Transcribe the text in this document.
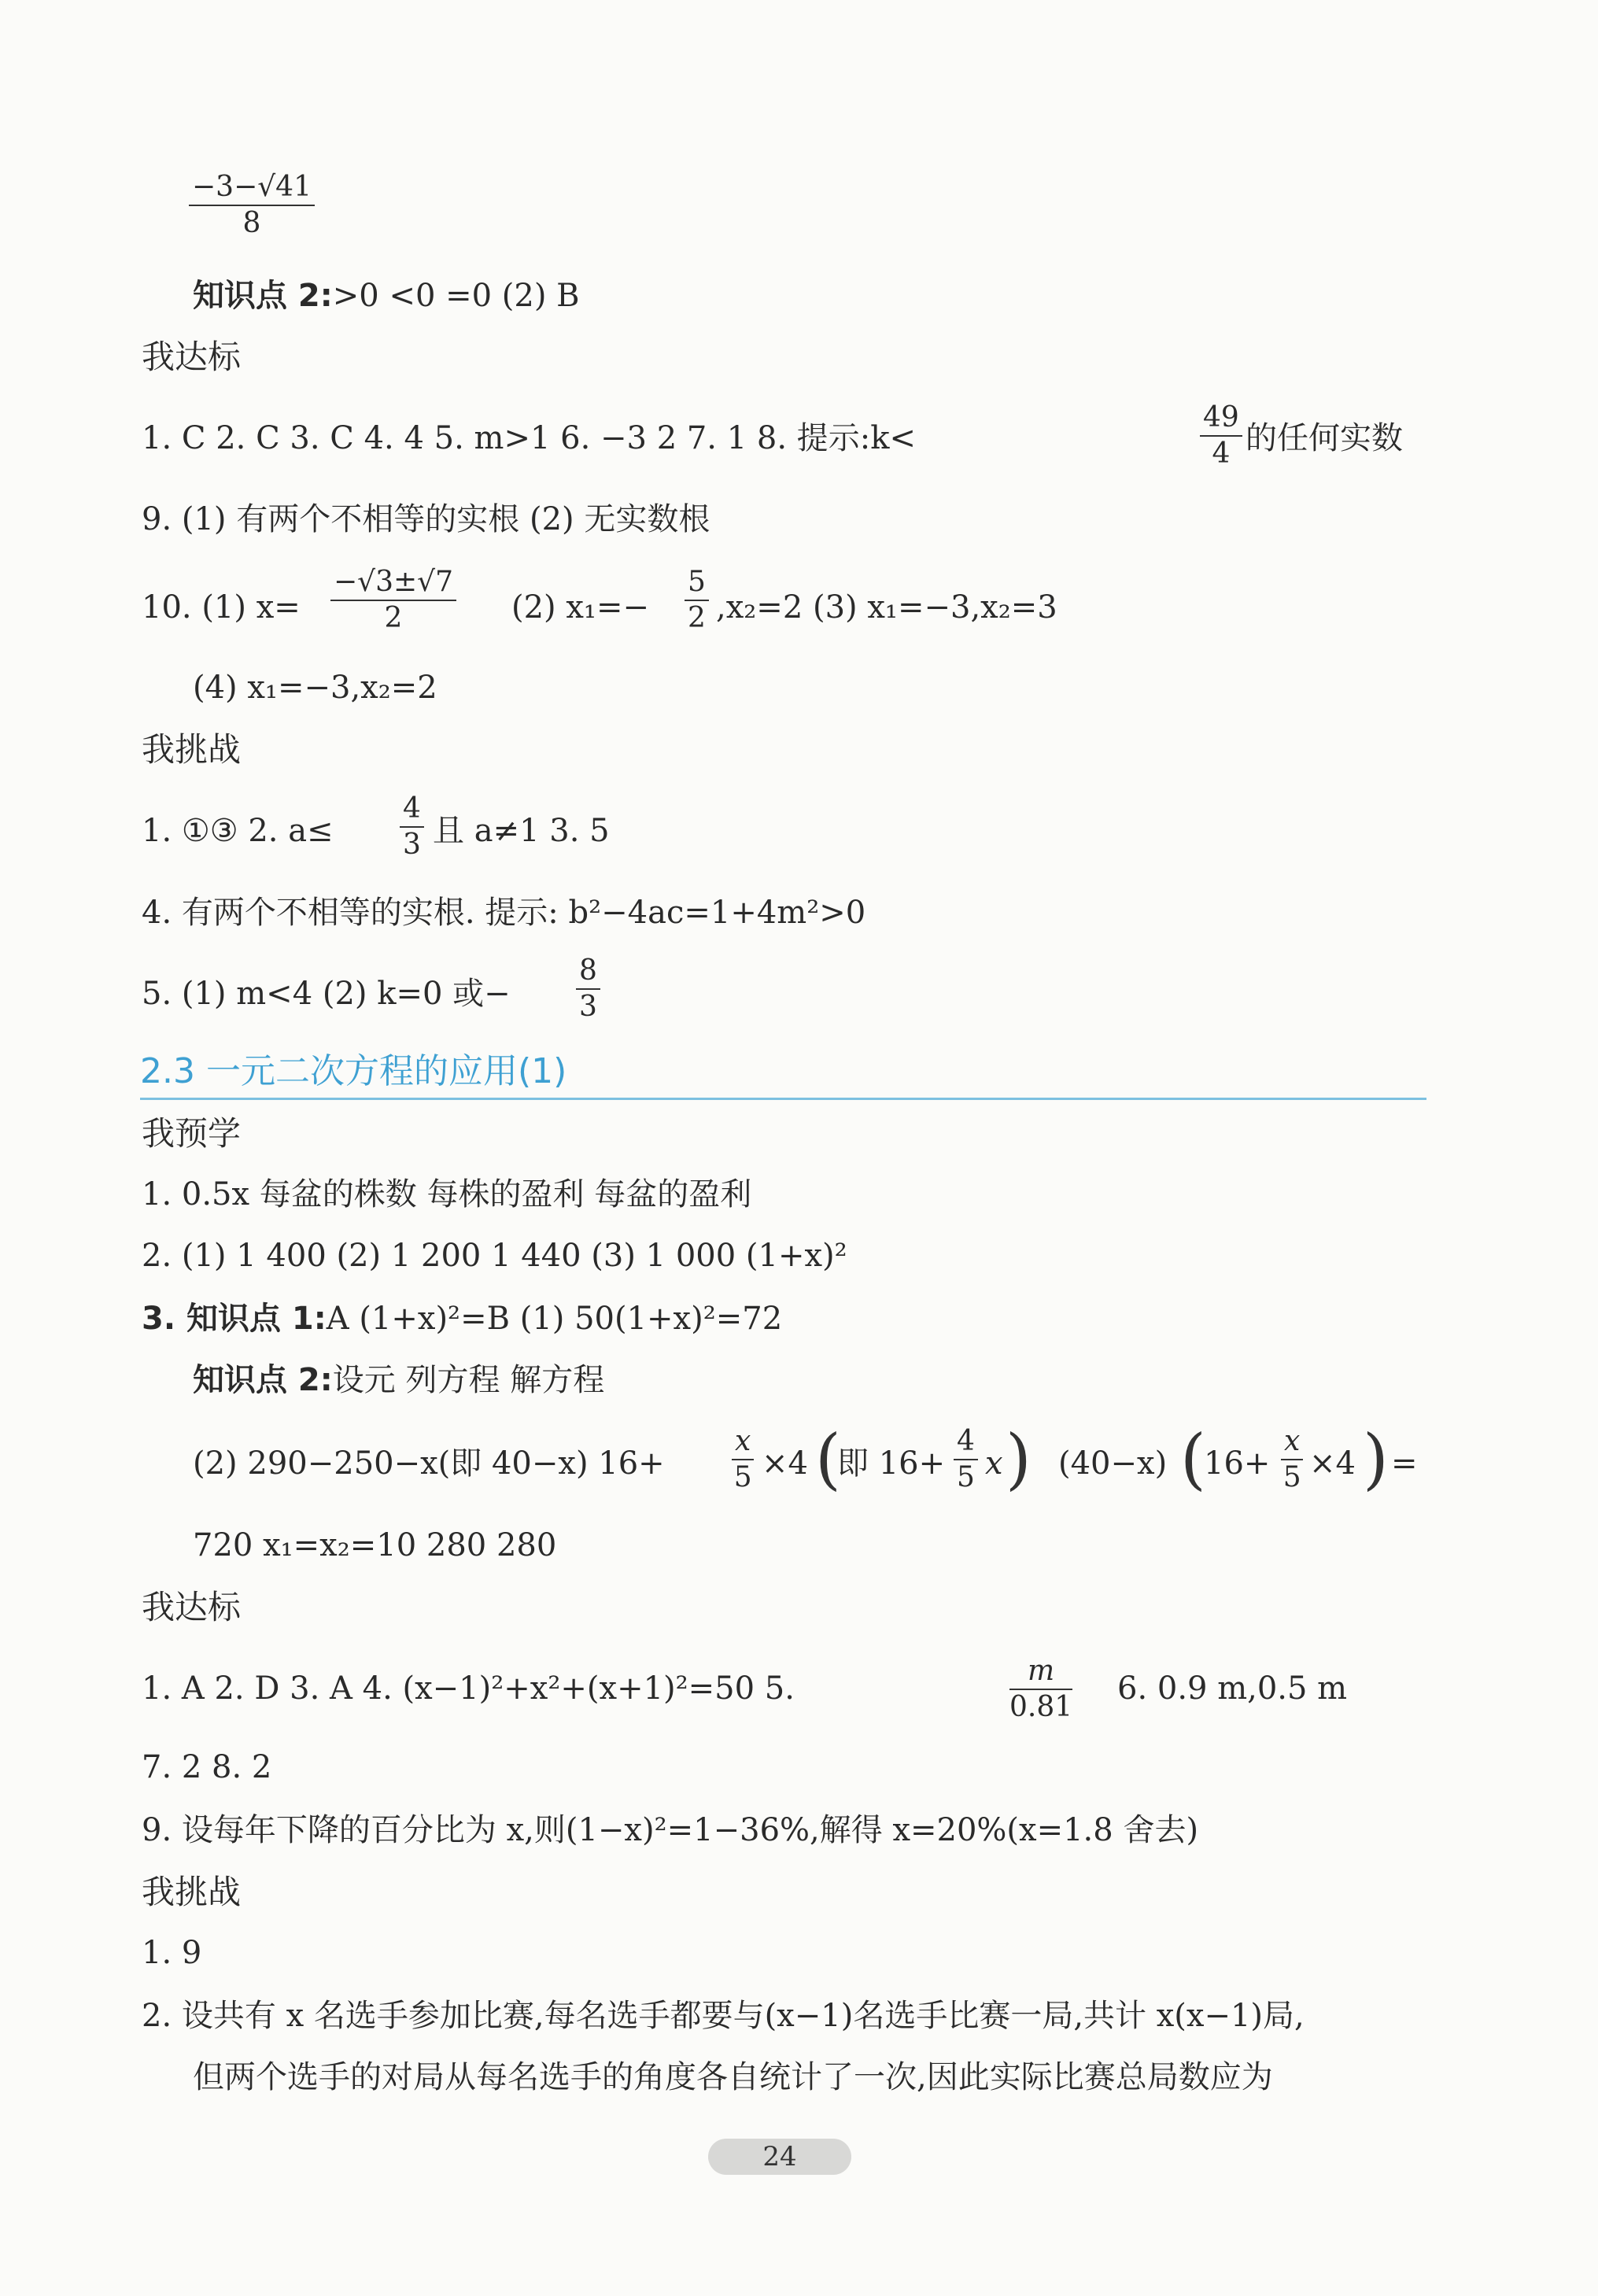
$\frac{-3-√41}{8}$
知识点 2:>0 <0 =0 (2) B
我达标
1. C 2. C 3. C 4. 4 5. m>1 6. −3 2 7. 1 8. 提示:k<	$\frac{49}{4}$ 的任何实数
9. (1) 有两个不相等的实根 (2) 无实数根
10. (1) $x= \frac{-√3\pm√7}{2} (2)$ $x_1=- \frac{5}{2} ,x_2=2$ (3) x₁=−3,x₂=3
(4) x₁=−3,x₂=2
我挑战
1. ①③ 2. $a\le \frac{4}{3}$ 且 a≠1 3. 5
4. 有两个不相等的实根. 提示: b²−4ac=1+4m²>0
5. (1) m<4 (2) k=0 或− $\frac{8}{3}$
2.3 一元二次方程的应用(1)
我预学
1. 0.5x 每盆的株数 每株的盈利 每盆的盈利
2. (1) 1 400 (2) 1 200 1 440 (3) 1 000 (1+x)²
3. 知识点 1:A (1+x)²=B (1) 50(1+x)²=72
知识点 2:设元 列方程 解方程
(2) 290−250−x(即 40−x) $16+ \frac{x}{5} \times 4$ (
即 $16+ \frac{4}{5}$ x ) (40−x) (
$16+ \frac{x}{5} \times 4$ ) =
720 x₁=x₂=10 280 280
我达标
1. A 2. D 3. A 4. (x−1)²+x²+(x+1)²=50 5.	$\frac{m}{0.81} 6$. 0.9 m,0.5 m
7. 2 8. 2
9. 设每年下降的百分比为 x,则(1−x)²=1−36%,解得 x=20%(x=1.8 舍去)
我挑战
1. 9
2. 设共有 x 名选手参加比赛,每名选手都要与(x−1)名选手比赛一局,共计 x(x−1)局,
但两个选手的对局从每名选手的角度各自统计了一次,因此实际比赛总局数应为
24
